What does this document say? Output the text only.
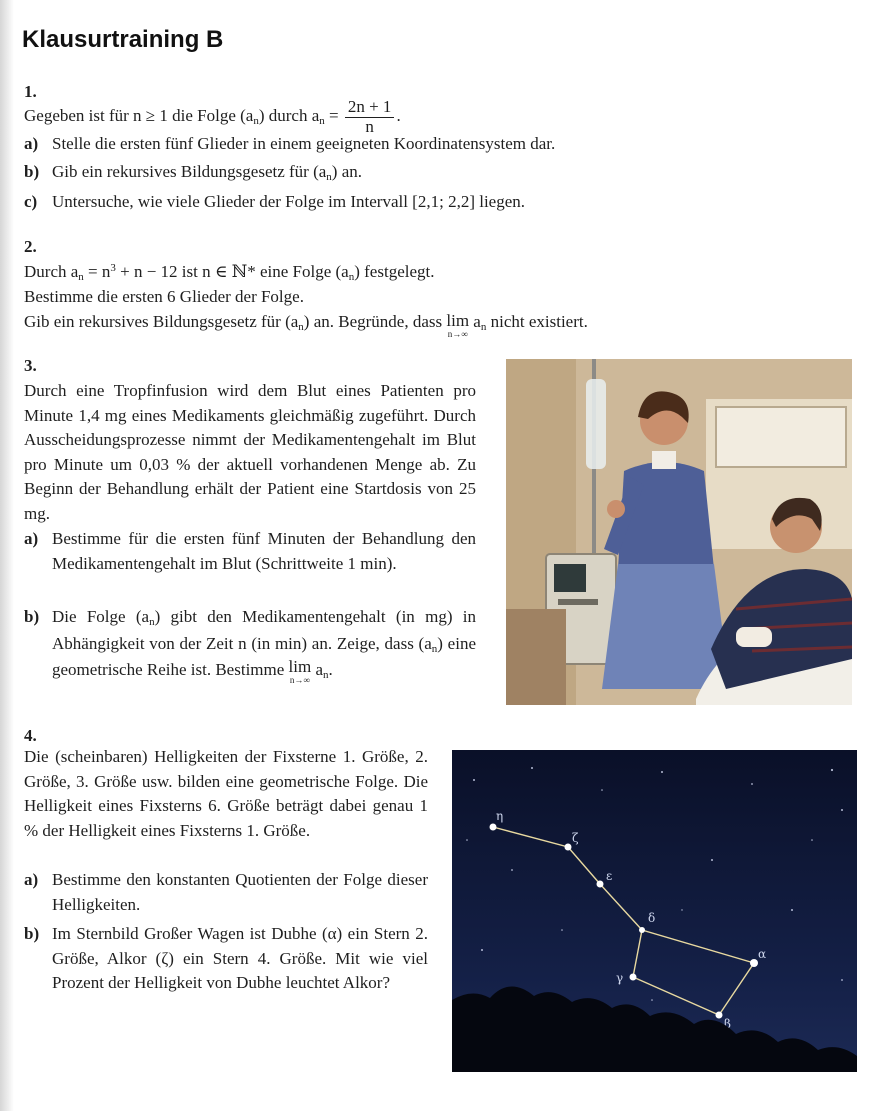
Klausurtraining B
1.
Gegeben ist für n ≥ 1 die Folge (an) durch an = $\frac{2n + 1}{n}$ .
a) Stelle die ersten fünf Glieder in einem geeigneten Koordinatensystem dar.
b) Gib ein rekursives Bildungsgesetz für (an) an.
c) Untersuche, wie viele Glieder der Folge im Intervall [2,1; 2,2] liegen.
2.
Durch an = $n^3 + n - 12$ ist n ∈ ℕ* eine Folge (an) festgelegt.
Bestimme die ersten 6 Glieder der Folge.
Gib ein rekursives Bildungsgesetz für (an) an. Begründe, dass lim
n→∞
an nicht existiert.
3.
Durch eine Tropfinfusion wird dem Blut eines Patienten pro Minute 1,4 mg eines Medikaments gleichmäßig zugeführt. Durch Ausscheidungsprozesse nimmt der Medikamentengehalt im Blut pro Minute um 0,03 % der aktuell vorhandenen Menge ab. Zu Beginn der Behandlung erhält der Patient eine Startdosis von 25 mg.
a) Bestimme für die ersten fünf Minuten der Behandlung den Medikamentengehalt im Blut (Schrittweite 1 min).
b) Die Folge (an) gibt den Medikamentengehalt (in mg) in Abhängigkeit von der Zeit n (in min) an. Zeige, dass (an) eine geometrische Reihe ist. Bestimme lim
n→∞
an.
4.
Die (scheinbaren) Helligkeiten der Fixsterne 1. Größe, 2. Größe, 3. Größe usw. bilden eine geometrische Folge. Die Helligkeit eines Fixsterns 6. Größe beträgt dabei genau 1 % der Helligkeit eines Fixsterns 1. Größe.
a) Bestimme den konstanten Quotienten der Folge dieser Helligkeiten.
b) Im Sternbild Großer Wagen ist Dubhe (α) ein Stern 2. Größe, Alkor (ζ) ein Stern 4. Größe. Mit wie viel Prozent der Helligkeit von Dubhe leuchtet Alkor?
η
ζ
ε
δ
α
γ
β
